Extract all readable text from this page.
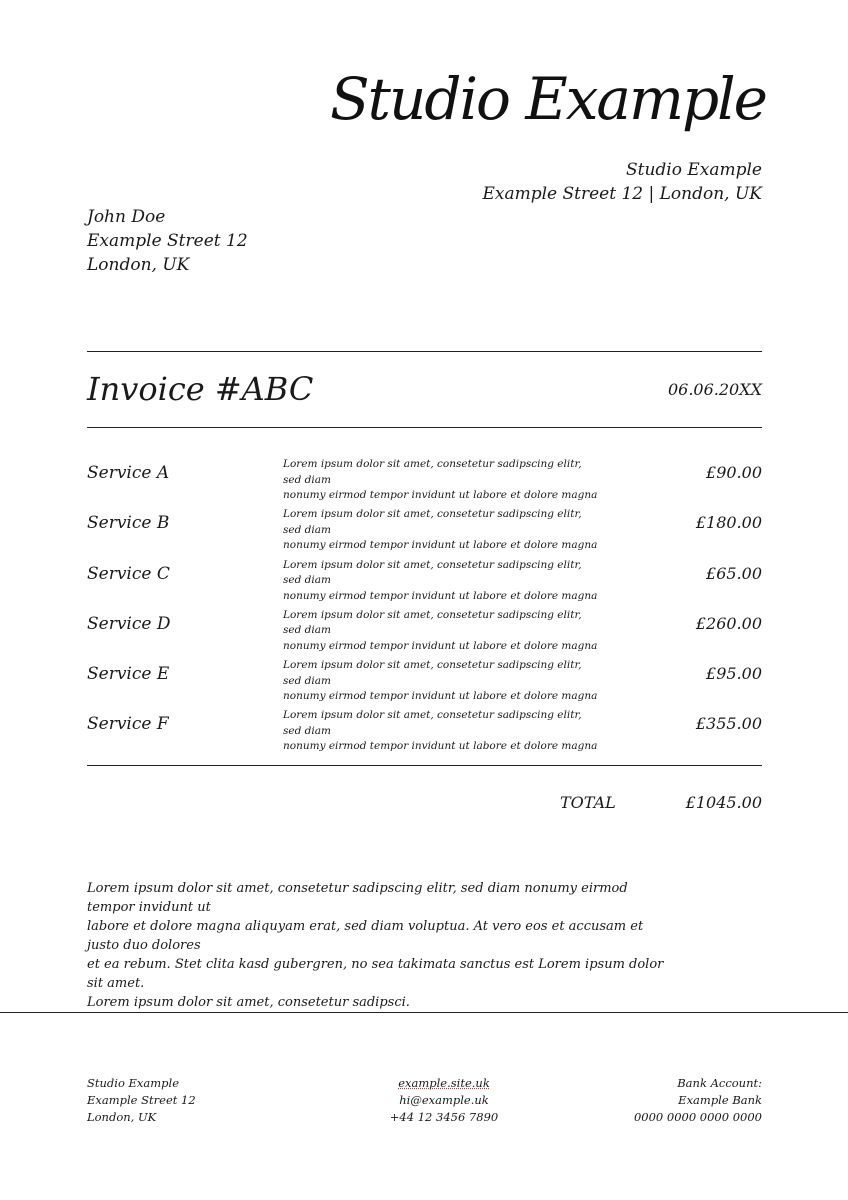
Studio Example
Studio Example
Example Street 12 | London, UK
John Doe
Example Street 12
London, UK
Invoice #ABC	06.06.20XX
Service A	Lorem ipsum dolor sit amet, consetetur sadipscing elitr, sed diam
nonumy eirmod tempor invidunt ut labore et dolore magna
£90.00
Service B	Lorem ipsum dolor sit amet, consetetur sadipscing elitr, sed diam
nonumy eirmod tempor invidunt ut labore et dolore magna
£180.00
Service C	Lorem ipsum dolor sit amet, consetetur sadipscing elitr, sed diam
nonumy eirmod tempor invidunt ut labore et dolore magna
£65.00
Service D	Lorem ipsum dolor sit amet, consetetur sadipscing elitr, sed diam
nonumy eirmod tempor invidunt ut labore et dolore magna
£260.00
Service E	Lorem ipsum dolor sit amet, consetetur sadipscing elitr, sed diam
nonumy eirmod tempor invidunt ut labore et dolore magna
£95.00
Service F	Lorem ipsum dolor sit amet, consetetur sadipscing elitr, sed diam
nonumy eirmod tempor invidunt ut labore et dolore magna
£355.00
TOTAL	£1045.00
Lorem ipsum dolor sit amet, consetetur sadipscing elitr, sed diam nonumy eirmod tempor invidunt ut
labore et dolore magna aliquyam erat, sed diam voluptua. At vero eos et accusam et justo duo dolores
et ea rebum. Stet clita kasd gubergren, no sea takimata sanctus est Lorem ipsum dolor sit amet.
Lorem ipsum dolor sit amet, consetetur sadipsci.
Studio Example
Example Street 12
London, UK
example.site.uk
hi@example.uk
+44 12 3456 7890
Bank Account:
Example Bank
0000 0000 0000 0000
